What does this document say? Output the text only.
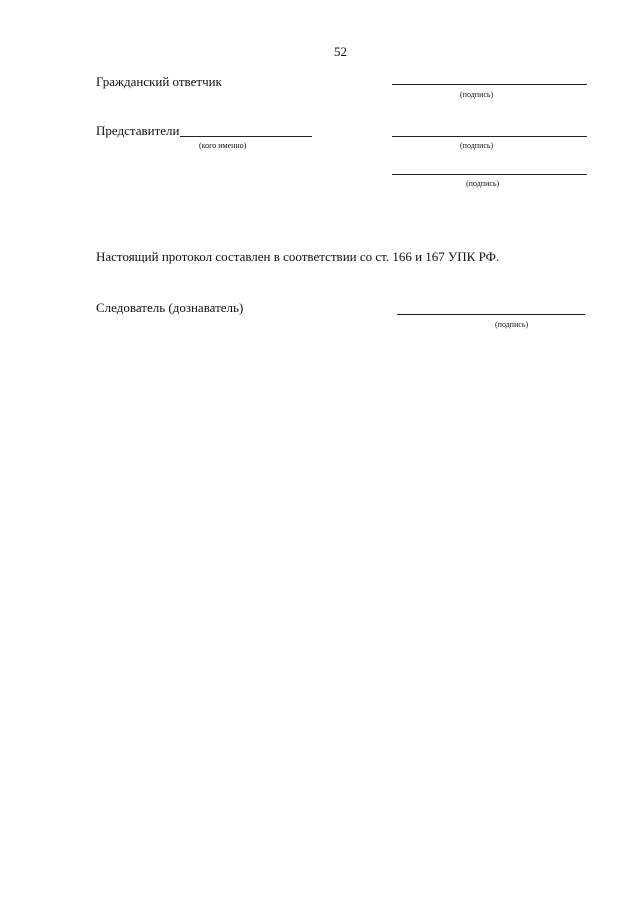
52
Гражданский ответчик
(подпись)
Представители
(кого именно)	(подпись)
(подпись)
Настоящий протокол составлен в соответствии со ст. 166 и 167 УПК РФ.
Следователь (дознаватель)
(подпись)
